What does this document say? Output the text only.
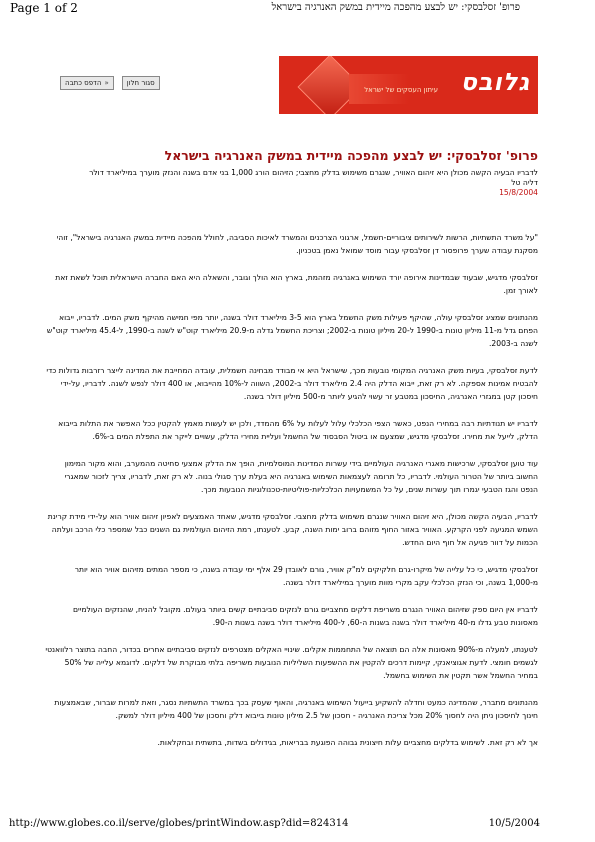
פרופ' זסלבסקי: יש לבצע מהפכה מיידית במשק האנרגיה בישראל
Page 1 of 2
«
הדפס כתבה	סגור חלון
עיתון העסקים של ישראל גלובס
פרופ' זסלבסקי: יש לבצע מהפכה מיידית במשק האנרגיה בישראל

לדבריו הבעיה הקשה מכולן היא זיהום האוויר, שנגרם משימוש בדלק מחצבי; הזיהום הורג 1,000 בני אדם בשנה והנזק מוערך במיליארד דולר

דליה טל

15/8/2004

"על משרד התשתיות, הרשות לשירותים ציבוריים-חשמל, ארגוני הצרכנים והמשרד לאיכות הסביבה, לחולל מהפכה מיידית במשק האנרגיה בישראל", זוהי מסקנת עבודה שערך פרופסור דן זסלבסקי עבור מוסד שמואל נאמן בטכניון.

זסלבסקי מדגיש, שבעוד שבמדינות אירופה יורד השימוש באנרגיה מזהמת, בארץ הוא הולך וגובר, והשאלה היא האם החברה הישראלית תוכל לשאת זאת לאורך זמן.

מהנתונים שמציג זסלבסקי עולה, שהיקף פעילות משק החשמל בארץ הוא 3-5 מיליארד דולר בשנה, יותר מפי חמישה מהיקף משק המים. לדבריו, ייבוא הפחם גדל מ-11 מיליון טונות ב-1990 ל-20 מיליון טונות ב-2002; וצריכת החשמל גדלה מ-20.9 מיליארד קוט"ש לשנה ב-1990, ל-45.4 מיליארד קוט"ש לשנה ב-2003.

לדעת זסלבסקי, בעיות משק האנרגיה המקומי נובעות מכך, שישראל היא אי מבודד מבחינה חשמלית, עובדה המחייבת את המדינה לייצר רזרבות גדולות כדי להבטיח אמינות אספקה. לא רק זאת, ייבוא הדלק היה 2.4 מיליארד דולר ב-2002, השווה ל-10% מהייבוא, או 400 דולר לנפש לשנה. לדבריו, על-ידי חיסכון קטן במגזרי האנרגיה, החיסכון במטבע זר עשוי להגיע ליותר מ-500 מיליון דולר בשנה.

לדבריו יש תנודתיות רבה במחירי הנפט, כאשר הצפי הכלכלי עלול לעלות על 6% מהמדד, ולכן יש לעשות מאמץ להקטין ככל האפשר את התלות בייבוא הדלק, לייעל את מחירו. זסלבסקי מדגיש, שמצעם או ביטול הסבסוד של החשמל ועליית מחירי הדלק, עשויים לייקר את התפלת המים ב-6%.

עוד טוען זסלבסקי, שרכישות מאגרי האנרגיה העולמיים בידי עשרות המדינות המוסלמיות, הופך את הדלק אמצעי סחיטה מהמערב, והוא מקור המימון החשוב ביותר של הטרור העולמי. לדבריו, כל תרומה לעצמאות השימוש באנרגיה היא בעלת ערך סגולי בנוה. לא רק זאת, לדבריו, צריך לזכור שמאגרי הנפט והגז הטבעי יגמרו תוך עשרות שנים, על כל המשמעויות הכלכליות-פוליטיות-טכנולוגיות הנובעות מכך.

לדבריו, הבעיה הקשה מכולן, היא זיהום האוויר שנגרם משימוש בדלק מחצבי. זסלבסקי מדגיש, שאחד האמצעים לאפיון זיהום אוויר הוא על-ידי מידת קרינת השמש המגיעה לפני הקרקע. האוויר באזור החוף מזוהם ברוב ימות השנה, קבע. לטענתו, רמת הזיהום העולמית גם השנים כבל שמספר כלי הרכב ועלתה הכמות על דוור פגיעה אל חוף היום החדש.

זסלבסקי מדגיש, כי כל עלייה של מיקרו-גרם חלקיקים למ"ק אוויר, גורם לאובדן 29 אלף ימי עבודה בשנה, כי מספר המתים מזיהום אוויר הוא יותר מ-1,000 בשנה, וכי הנזק הכלכלי עקב מקרי מוות מוערך במיליארד דולר בשנה.

לדבריו אין היום ספק שזיהום האוויר הנגרם משריפת דלקים מחצביים גורם לנזקים סביבתיים קשים ביותר בעולם. מקובל להניח, שהנזקים העולמיים מאסונות טבע גדלו מ-40 מיליארד דולר בשנה בשנות ה-60, ל-400 מיליארד דולר בשנה בשנות ה-90.

לטענתו, למעלה מ-90% מאסונות אלה הם תוצאה של התחממות אקלים. שינויי האקלים מצטרפים לנזקים סביבתיים אחרים בכדור, החבה בתוצר רלוואנטי לגשמים חומצי. לדעת אגוציאנקי, קיימות דרכים להקטין את ההשפעות השליליות הנובעות משריפה בלתי מבוקרת של דלקים. לדוגמא עלייה של 50% במחיר החשמל אשר תקטין את השימוש בחשמל.

מהנתונים מתברר, שהמדינה כמעט וחדלה להשקיע בייעול השימוש באנרגיה, והאוף שעסק בכך במשרד התשתיות נסגר, וזאת למרות שברור, שבאמצעות חינוך לחיסכון ניתן היה לחסוך 20% מכל צריכת האנרגיה - חסכון של 2.5 מיליון טונות בייבוא דלק וחסכון של 400 מיליון דולר למשק.

אך לא רק זאת. לשימוש בדלקים מחצביים עלות חיצונית גבוהה הפוגעת בבריאות, בגידולים בשדות, בתשתית ובחקלאות.

http://www.globes.co.il/serve/globes/printWindow.asp?did=824314	10/5/2004
